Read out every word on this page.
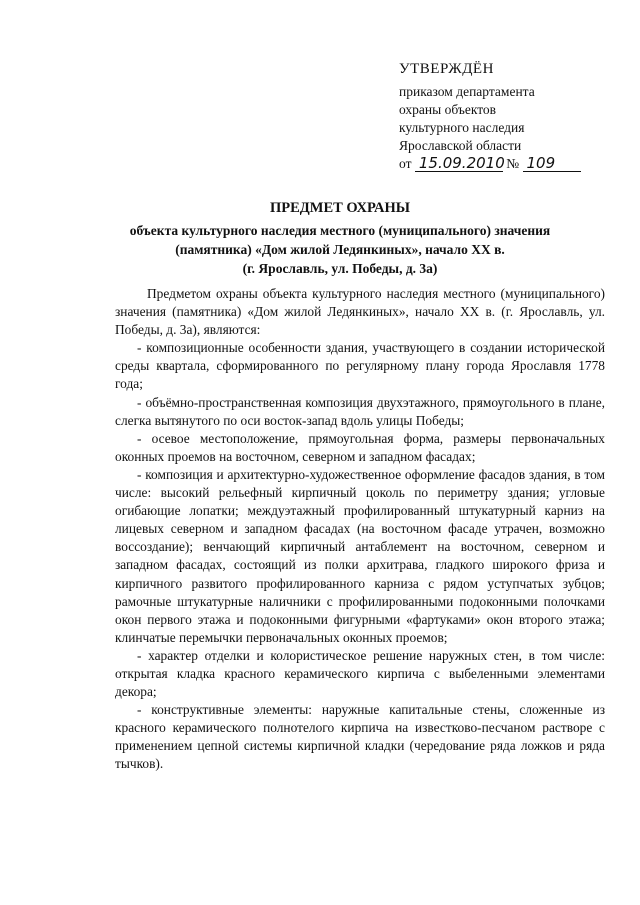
УТВЕРЖДЁН
приказом департамента
охраны объектов
культурного наследия
Ярославской области
от 15.09.2010 № 109
ПРЕДМЕТ ОХРАНЫ
объекта культурного наследия местного (муниципального) значения
(памятника) «Дом жилой Ледянкиных», начало XX в.
(г. Ярославль, ул. Победы, д. 3а)

Предметом охраны объекта культурного наследия местного (муниципального) значения (памятника) «Дом жилой Ледянкиных», начало XX в. (г. Ярославль, ул. Победы, д. 3а), являются:

- композиционные особенности здания, участвующего в создании исторической среды квартала, сформированного по регулярному плану города Ярославля 1778 года;

- объёмно-пространственная композиция двухэтажного, прямоугольного в плане, слегка вытянутого по оси восток-запад вдоль улицы Победы;

- осевое местоположение, прямоугольная форма, размеры первоначальных оконных проемов на восточном, северном и западном фасадах;

- композиция и архитектурно-художественное оформление фасадов здания, в том числе: высокий рельефный кирпичный цоколь по периметру здания; угловые огибающие лопатки; междуэтажный профилированный штукатурный карниз на лицевых северном и западном фасадах (на восточном фасаде утрачен, возможно воссоздание); венчающий кирпичный антаблемент на восточном, северном и западном фасадах, состоящий из полки архитрава, гладкого широкого фриза и кирпичного развитого профилированного карниза с рядом уступчатых зубцов; рамочные штукатурные наличники с профилированными подоконными полочками окон первого этажа и подоконными фигурными «фартуками» окон второго этажа; клинчатые перемычки первоначальных оконных проемов;

- характер отделки и колористическое решение наружных стен, в том числе: открытая кладка красного керамического кирпича с выбеленными элементами декора;

- конструктивные элементы: наружные капитальные стены, сложенные из красного керамического полнотелого кирпича на известково-песчаном растворе с применением цепной системы кирпичной кладки (чередование ряда ложков и ряда тычков).
